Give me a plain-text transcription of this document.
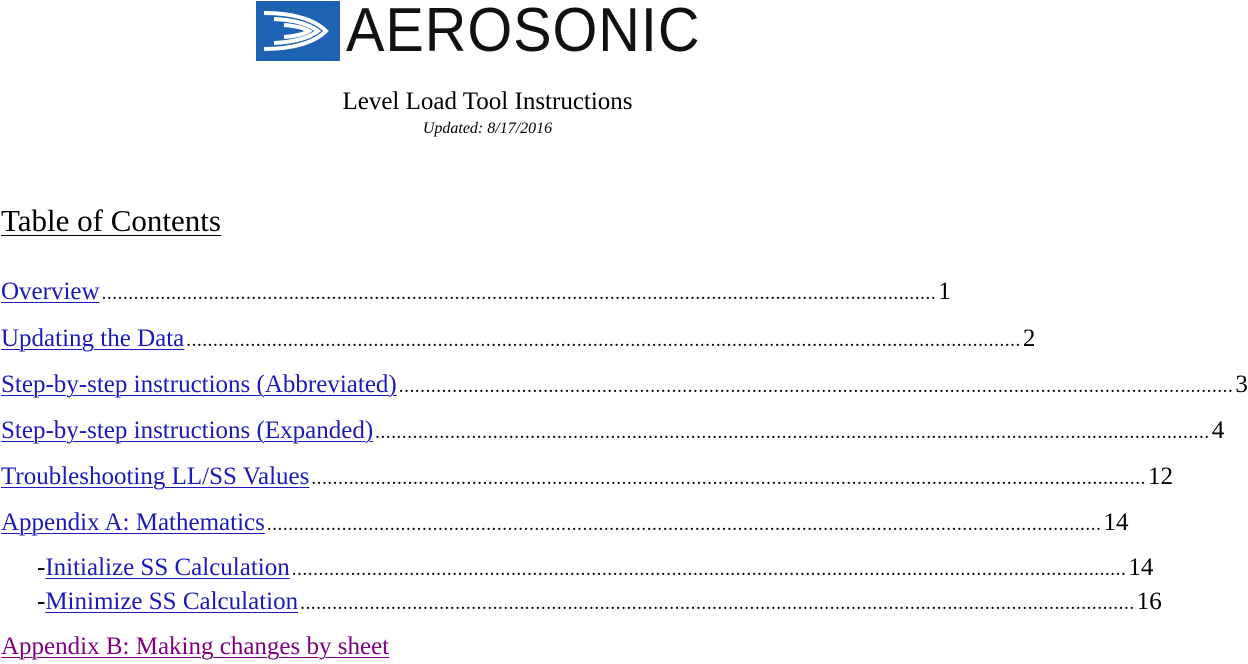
AEROSONIC
Level Load Tool Instructions
Updated: 8/17/2016
Table of Contents
Overview ............................................................................................................................................................ 1
Updating the Data ............................................................................................................................................................ 2
Step-by-step instructions (Abbreviated) ............................................................................................................................................................ 3
Step-by-step instructions (Expanded) ............................................................................................................................................................ 4
Troubleshooting LL/SS Values ............................................................................................................................................................ 12
Appendix A: Mathematics ............................................................................................................................................................ 14
- Initialize SS Calculation ............................................................................................................................................................ 14
- Minimize SS Calculation ............................................................................................................................................................ 16
Appendix B: Making changes by sheet
